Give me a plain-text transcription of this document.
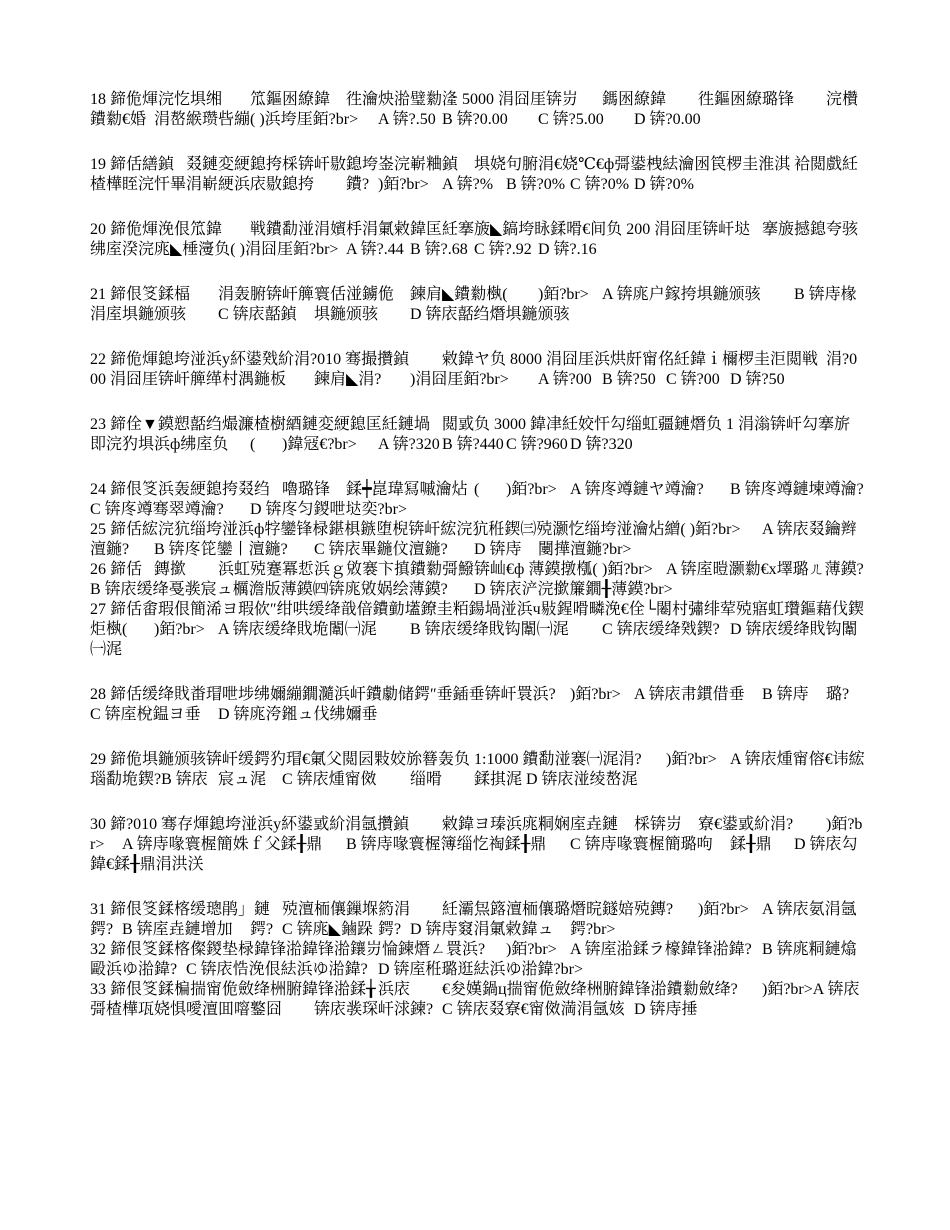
18 鍗佹煇浣忔埧缃	笟鏂囦繚鍏	徃瀹炴湁璧勬湰 5000 涓囧厓锛岃	鎷囦繚鍏	徃鏂囦繚璐锋	浣欑	鐨勬€婚	涓嶅緱瓒呰繃( )浜垮厓銆?br>	A 锛?.50	B 锛?0.00	C 锛?5.00	D 锛?0.00

19 鍗佸繕鍞	叕鏈変綆鎴挎棌锛屽敭鎴垮崟浣嶄粬鍞	埧娆句腑涓€娆℃€ф彁鍙栧紶瀹囦笢椤圭淮淇	袷閲戲紝楂樺眰浣忓畢涓嶄綆浜庡敭鎴挎	鐨?	)銆?br>	A 锛?%	B 锛?0%	C 锛?0%	D 锛?0%

20 鍗佹煇浼佷笟鍏	戦鐨勫湴涓嬪杽涓氭敹鍏匡紝搴旇◣鎬垮眿鍒嗗€间负 200 涓囧厓锛屽垯	搴旇撼鎴夸骇绋庢湀浣庣◣棰濅负( )涓囧厓銆?br>	A 锛?.44	B 锛?.68	C 锛?.92	D 锛?.16

21 鍗佷笅鍒楅	涓轰腑锛屽簲寰佸湴鐪佹	鍊肩◣鐨勬槸(	)銆?br>	A 锛庣户鎵挎埧鍦颁骇	B 锛庤椽涓庢埧鍦颁骇	C 锛庡嚭鍞	埧鍦颁骇	D 锛庡嚭绉熸埧鍦颁骇

22 鍗佹煇鎴垮湴浜у紑鍙戣紒涓?010 骞撮攢鍞	敹鍏ヤ负 8000 涓囧厓浜烘皯甯佲紝鍏ｉ檷椤圭洰閲戦	涓?000 涓囧厓锛屽簲缂村湡鍦板	鍊肩◣涓?	)涓囧厓銆?br>	A 锛?00	B 锛?50	C 锛?00	D 锛?50

23 鍗佺▼鏌愬嚭绉熶濂楂樹綇鏈変綆鎴匡紝鏈堝	閲戜负 3000 鍏冿紝姣忓勾缁虹疆鏈熸负 1 涓滃锛屽勾搴旂即浣犳埧浜ф绋庢负	(	)鍏冦€?br>	A 锛?320	B 锛?440	C 锛?960	D 锛?320

24 鍗佷笅浜轰綆鎴挎叕绉	嚕璐锋	鍒┿崑瑋冩嘁瀹炶	(	)銆?br>	A 锛庝竴鏈ヤ竴瀹?	B 锛庝竴鏈堜竴瀹?	C 锛庝竴骞翠竴瀹?	D 锛庝匀鍐呭垯奕?br>

25 鍗佸綋浣犺缁垮湴浜ф牸鑾锋椂鍖椇鏃堕棿锛屽綋浣犺秹鍥㈢殑灏忔缁垮湴瀹炶繒( )銆?br>	A 锛庡叕鑰辫澶鍦?	B 锛庝笓鑾丨澶鍦?	C 锛庡畢鍦伩澶鍦?	D 锛庤	闄撶澶鍦?br>

26 鍗佸	鏄撳	浜虹殑蹇冪悊浜ｇ敓褰卞搷鐨勬彁鱍锛屾€ф 薄鏌撴槬(	)銆?br>	A 锛庢暟灏勬€х墿璐ㄦ薄鏌?B 锛庡缓绛戞彂宸ュ櫔澹版薄鏌㈣锛庣敓娲绘薄鏌?	D 锛庡浐浣撳簾鐗╂薄鏌?br>

27 鍗佸畬瑕佷簡浠ヨ瑕佽″绀哄缓绛戠偣鐨勭壒鐐圭粨鍚堝湴浜ч敡鍟嗗疄浼€佺└闂村彇绯荤殑寤虹瓚鏂藉伐鍥炬槸(	)銆?br>	A 锛庡缓绛戝垝闈㈠浘	B 锛庡缓绛戝钩闈㈠浘	C 锛庡缓绛戣鍥?	D 锛庡缓绛戝钩闈㈠浘

28 鍗佸缓绛戝畨瑁呭埗绋嬭繃鐗瀡浜屽鐨勮储鍔″垂鍤垂锛屽睘浜?	)銆?br>	A 锛庡帇鏆借垂	B 锛庤	璐?	C 锛庢梲鎾ヨ垂	D 锛庣洿鎺ュ伐绋嬭垂

29 鍗佹埧鍦颁骇锛屽缓鍔犳瑁€氭父閲囩敤姣旀簮轰负 1:1000 鐨勫湴褰㈠浘涓?	)銆?br>	A 锛庡煄甯傛€讳綋瑙勫垝鍥?B 锛庡	宸ュ浘	C 锛庡煄甯傚	缁嗗	鍒掑浘 D 锛庡湴绫嶅浘

30 鍗?010 骞存煇鎴垮湴浜у紑鍙戜紒涓氬攢鍞	敹鍏ヨ瑧浜庣粡娴庢垚鏈	棌锛岃	寮€鍙戜紒涓?	)銆?br>	A 锛庤喙寰楃簡姝ｆ父鍒╂鼎	B 锛庤喙寰楃簿缁忔祹鍒╂鼎	C 锛庤喙寰楃簡璐呴	鍒╂鼎	D 锛庡勾鍏€鍒╂鼎涓洪浂

31 鍗佷笅鍒楁缓璁鹃」鏈	殑澶栭儴鏁堢箹涓	紝灞炰簬澶栭儴璐熸晥鐩婄殑鏄?	)銆?br>	A 锛庡氨涓氬	鍔?	B 锛庢垚鏈增加	鍔?	C 锛庣◣鏀跺	鍔?	D 锛庤窡涓氭敹鍏ュ	鍔?br>

32 鍗佷笅鍒楁儏鍐垫椂鍏锋湁鍏锋湁鑲岃惀鍊熸ㄥ睘浜?	)銆?br>	A 锛庢湁鍒ラ檺鍏锋湁鍏?	B 锛庣粡鏈熻毆浜ゆ湁鍏?	C 锛庡悎浼佷紶浜ゆ湁鍏?	D 锛庢秹璐逛紶浜ゆ湁鍏?br>

33 鍗佷笅鍒楄揣甯佹斂绛栦腑鍏锋湁鍒╁	浜庡	€夋嫨鍋ц揣甯佹斂绛栦腑鍏锋湁鐨勬斂绛?	)銆?br>A 锛庡彁楂樺瓨娆惧噯澶囬噾鐜囧	锛庡彂琛屽浗鍊?	C 锛庡叕寮€甯傚満涓氬姟	D 锛庤捶
